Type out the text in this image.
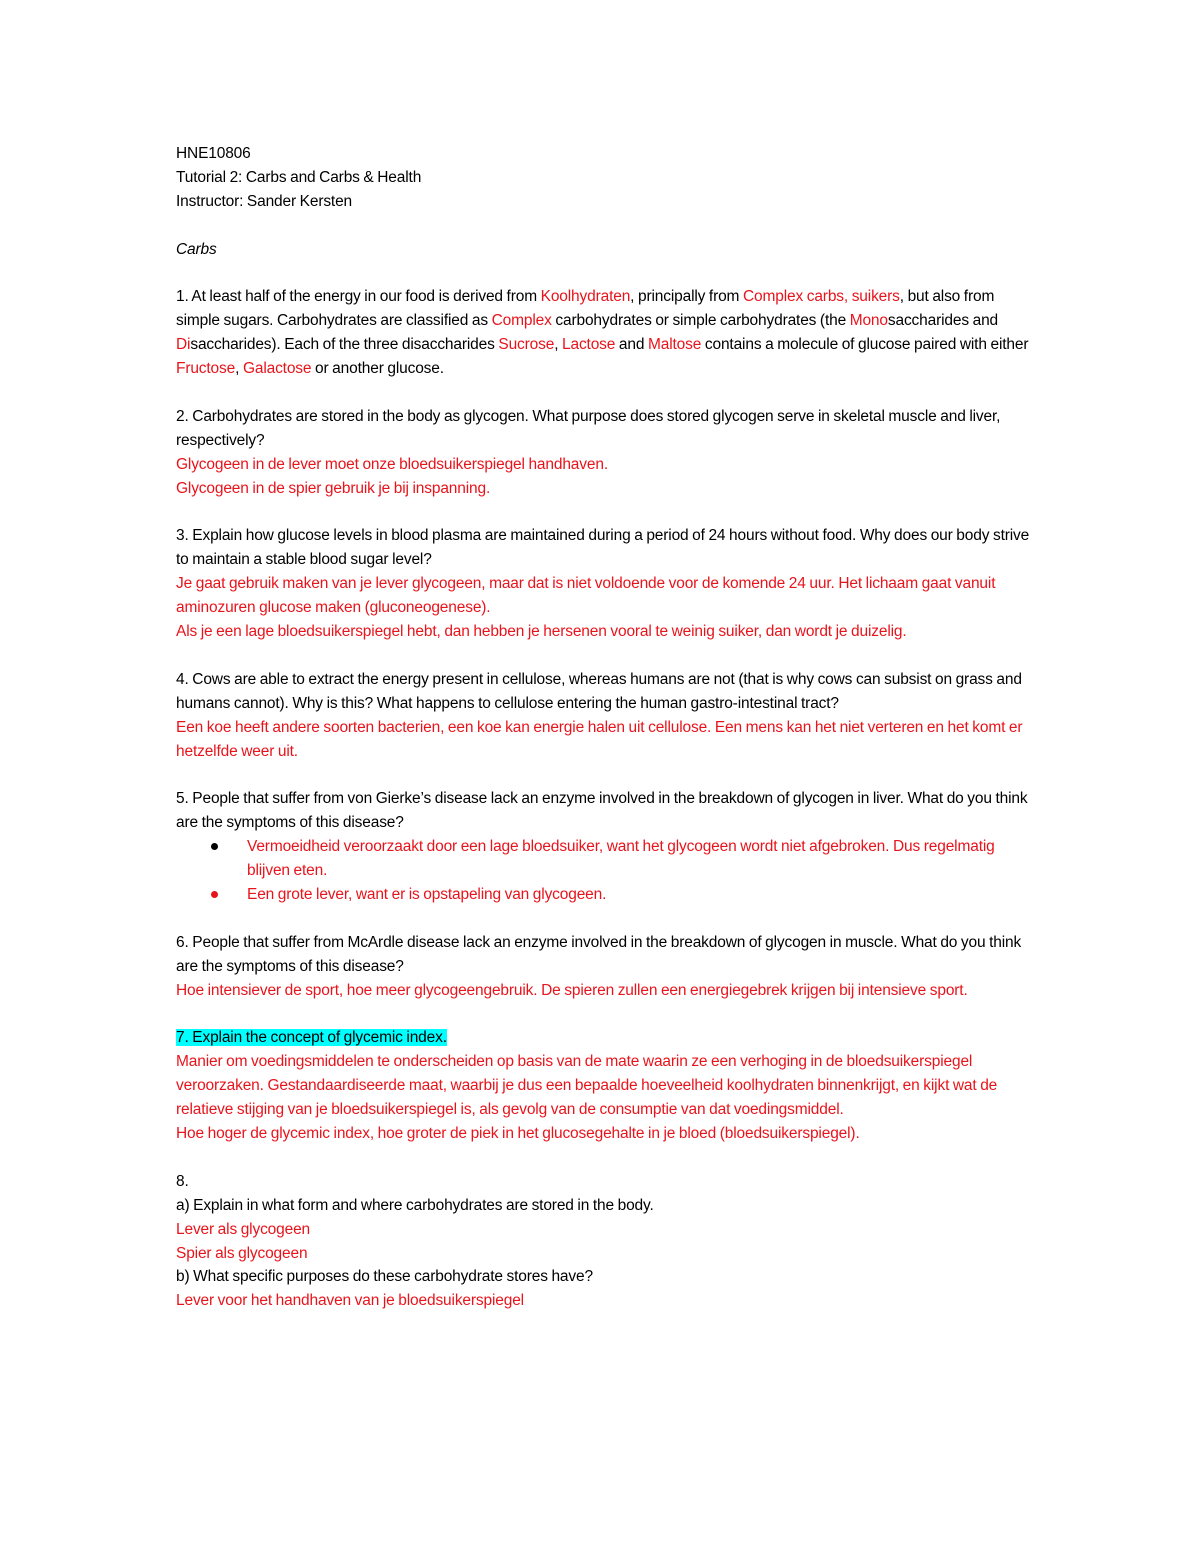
HNE10806

Tutorial 2: Carbs and Carbs & Health

Instructor: Sander Kersten

Carbs

1. At least half of the energy in our food is derived from Koolhydraten, principally from Complex carbs, suikers, but also from simple sugars. Carbohydrates are classified as Complex carbohydrates or simple carbohydrates (the Monosaccharides and Disaccharides). Each of the three disaccharides Sucrose, Lactose and Maltose contains a molecule of glucose paired with either Fructose, Galactose or another glucose.

2. Carbohydrates are stored in the body as glycogen. What purpose does stored glycogen serve in skeletal muscle and liver, respectively?

Glycogeen in de lever moet onze bloedsuikerspiegel handhaven.

Glycogeen in de spier gebruik je bij inspanning.

3. Explain how glucose levels in blood plasma are maintained during a period of 24 hours without food. Why does our body strive to maintain a stable blood sugar level?

Je gaat gebruik maken van je lever glycogeen, maar dat is niet voldoende voor de komende 24 uur. Het lichaam gaat vanuit aminozuren glucose maken (gluconeogenese).

Als je een lage bloedsuikerspiegel hebt, dan hebben je hersenen vooral te weinig suiker, dan wordt je duizelig.

4. Cows are able to extract the energy present in cellulose, whereas humans are not (that is why cows can subsist on grass and humans cannot). Why is this? What happens to cellulose entering the human gastro-intestinal tract?

Een koe heeft andere soorten bacterien, een koe kan energie halen uit cellulose. Een mens kan het niet verteren en het komt er hetzelfde weer uit.

5. People that suffer from von Gierke’s disease lack an enzyme involved in the breakdown of glycogen in liver. What do you think are the symptoms of this disease?

Vermoeidheid veroorzaakt door een lage bloedsuiker, want het glycogeen wordt niet afgebroken. Dus regelmatig blijven eten.
Een grote lever, want er is opstapeling van glycogeen.

6. People that suffer from McArdle disease lack an enzyme involved in the breakdown of glycogen in muscle. What do you think are the symptoms of this disease?

Hoe intensiever de sport, hoe meer glycogeengebruik. De spieren zullen een energiegebrek krijgen bij intensieve sport.

7. Explain the concept of glycemic index.

Manier om voedingsmiddelen te onderscheiden op basis van de mate waarin ze een verhoging in de bloedsuikerspiegel veroorzaken. Gestandaardiseerde maat, waarbij je dus een bepaalde hoeveelheid koolhydraten binnenkrijgt, en kijkt wat de relatieve stijging van je bloedsuikerspiegel is, als gevolg van de consumptie van dat voedingsmiddel.

Hoe hoger de glycemic index, hoe groter de piek in het glucosegehalte in je bloed (bloedsuikerspiegel).

8.

a) Explain in what form and where carbohydrates are stored in the body.

Lever als glycogeen

Spier als glycogeen

b) What specific purposes do these carbohydrate stores have?

Lever voor het handhaven van je bloedsuikerspiegel
